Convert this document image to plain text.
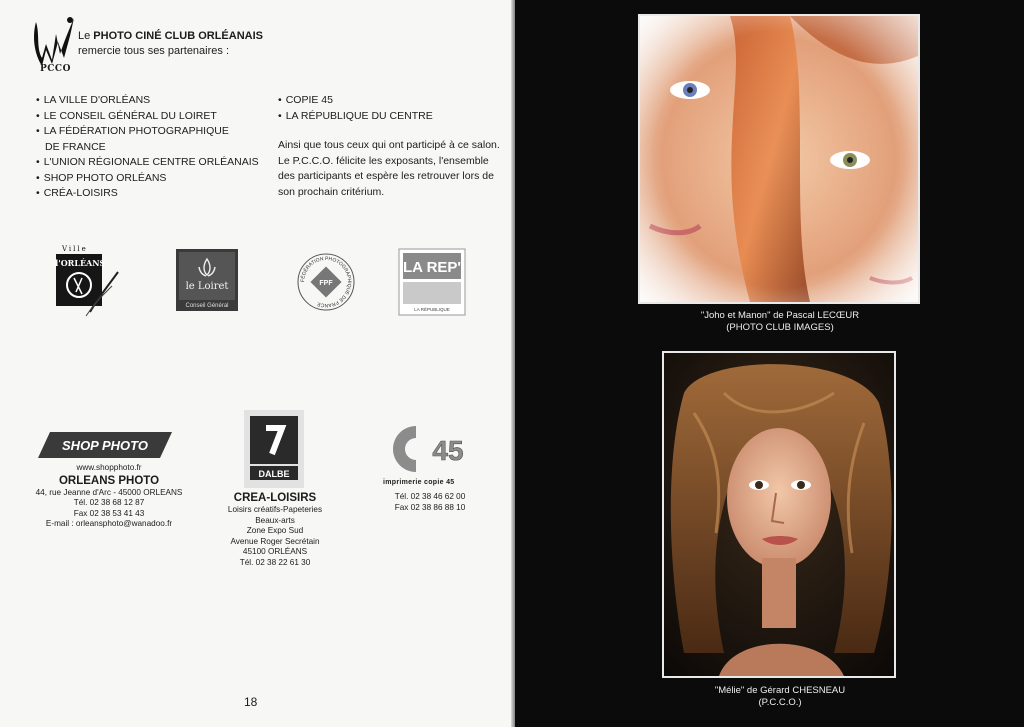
PCCO
Le PHOTO CINÉ CLUB ORLÉANAIS
remercie tous ses partenaires :
• LA VILLE D'ORLÉANS
• LE CONSEIL GÉNÉRAL DU LOIRET
• LA FÉDÉRATION PHOTOGRAPHIQUE
DE FRANCE
• L'UNION RÉGIONALE CENTRE ORLÉANAIS
• SHOP PHOTO ORLÉANS
• CRÉA-LOISIRS
• COPIE 45
• LA RÉPUBLIQUE DU CENTRE

Ainsi que tous ceux qui ont participé à ce salon. Le P.C.C.O. félicite les exposants, l'ensemble des participants et espère les retrouver lors de son prochain critérium.

Ville
d'ORLÉANS
le Loiret
Conseil Général
FÉDÉRATION PHOTOGRAPHIQUE DE FRANCE
FPF
LA REP'
LA RÉPUBLIQUE
SHOP PHOTO
www.shopphoto.fr
ORLEANS PHOTO
44, rue Jeanne d'Arc - 45000 ORLEANS
Tél. 02 38 68 12 87
Fax 02 38 53 41 43
E-mail : orleansphoto@wanadoo.fr
DALBE
CREA-LOISIRS
Loisirs créatifs-Papeteries
Beaux-arts
Zone Expo Sud
Avenue Roger Secrétain
45100 ORLÉANS
Tél. 02 38 22 61 30
45
imprimerie copie 45
Tél. 02 38 46 62 00
Fax 02 38 86 88 10
18
"Joho et Manon" de Pascal LECŒUR
(PHOTO CLUB IMAGES)
"Mélie" de Gérard CHESNEAU
(P.C.C.O.)
